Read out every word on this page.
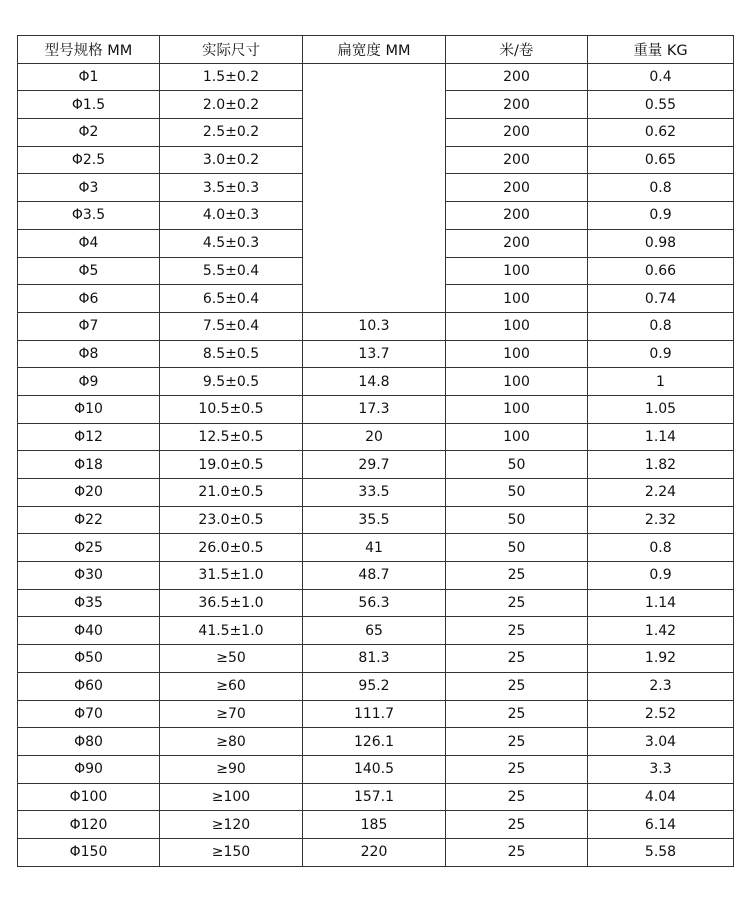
型号规格 MM	实际尺寸	扁宽度 MM	米/卷	重量 KG
Φ1	1.5±0.2		200	0.4
Φ1.5	2.0±0.2		200	0.55
Φ2	2.5±0.2		200	0.62
Φ2.5	3.0±0.2		200	0.65
Φ3	3.5±0.3		200	0.8
Φ3.5	4.0±0.3		200	0.9
Φ4	4.5±0.3		200	0.98
Φ5	5.5±0.4		100	0.66
Φ6	6.5±0.4		100	0.74
Φ7	7.5±0.4	10.3	100	0.8
Φ8	8.5±0.5	13.7	100	0.9
Φ9	9.5±0.5	14.8	100	1
Φ10	10.5±0.5	17.3	100	1.05
Φ12	12.5±0.5	20	100	1.14
Φ18	19.0±0.5	29.7	50	1.82
Φ20	21.0±0.5	33.5	50	2.24
Φ22	23.0±0.5	35.5	50	2.32
Φ25	26.0±0.5	41	50	0.8
Φ30	31.5±1.0	48.7	25	0.9
Φ35	36.5±1.0	56.3	25	1.14
Φ40	41.5±1.0	65	25	1.42
Φ50	≥50	81.3	25	1.92
Φ60	≥60	95.2	25	2.3
Φ70	≥70	111.7	25	2.52
Φ80	≥80	126.1	25	3.04
Φ90	≥90	140.5	25	3.3
Φ100	≥100	157.1	25	4.04
Φ120	≥120	185	25	6.14
Φ150	≥150	220	25	5.58
